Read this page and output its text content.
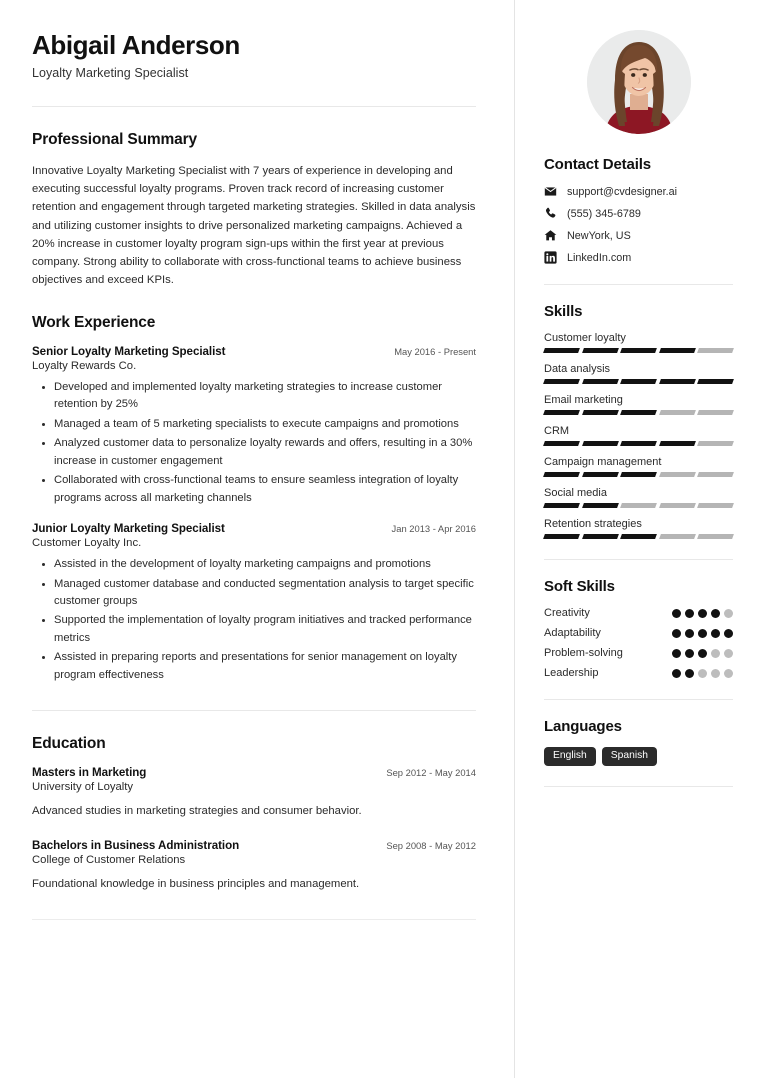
Abigail Anderson
Loyalty Marketing Specialist
Professional Summary
Innovative Loyalty Marketing Specialist with 7 years of experience in developing and executing successful loyalty programs. Proven track record of increasing customer retention and engagement through targeted marketing strategies. Skilled in data analysis and utilizing customer insights to drive personalized marketing campaigns. Achieved a 20% increase in customer loyalty program sign-ups within the first year at previous company. Strong ability to collaborate with cross-functional teams to achieve business objectives and exceed KPIs.
Work Experience
Senior Loyalty Marketing Specialist	May 2016 - Present
Loyalty Rewards Co.
Developed and implemented loyalty marketing strategies to increase customer retention by 25%
Managed a team of 5 marketing specialists to execute campaigns and promotions
Analyzed customer data to personalize loyalty rewards and offers, resulting in a 30% increase in customer engagement
Collaborated with cross-functional teams to ensure seamless integration of loyalty programs across all marketing channels
Junior Loyalty Marketing Specialist	Jan 2013 - Apr 2016
Customer Loyalty Inc.
Assisted in the development of loyalty marketing campaigns and promotions
Managed customer database and conducted segmentation analysis to target specific customer groups
Supported the implementation of loyalty program initiatives and tracked performance metrics
Assisted in preparing reports and presentations for senior management on loyalty program effectiveness
Education
Masters in Marketing	Sep 2012 - May 2014
University of Loyalty
Advanced studies in marketing strategies and consumer behavior.
Bachelors in Business Administration	Sep 2008 - May 2012
College of Customer Relations
Foundational knowledge in business principles and management.
Contact Details
support@cvdesigner.ai
(555) 345-6789
NewYork, US
LinkedIn.com
Skills
Customer loyalty
Data analysis
Email marketing
CRM
Campaign management
Social media
Retention strategies
Soft Skills
Creativity
Adaptability
Problem-solving
Leadership
Languages
English	Spanish
